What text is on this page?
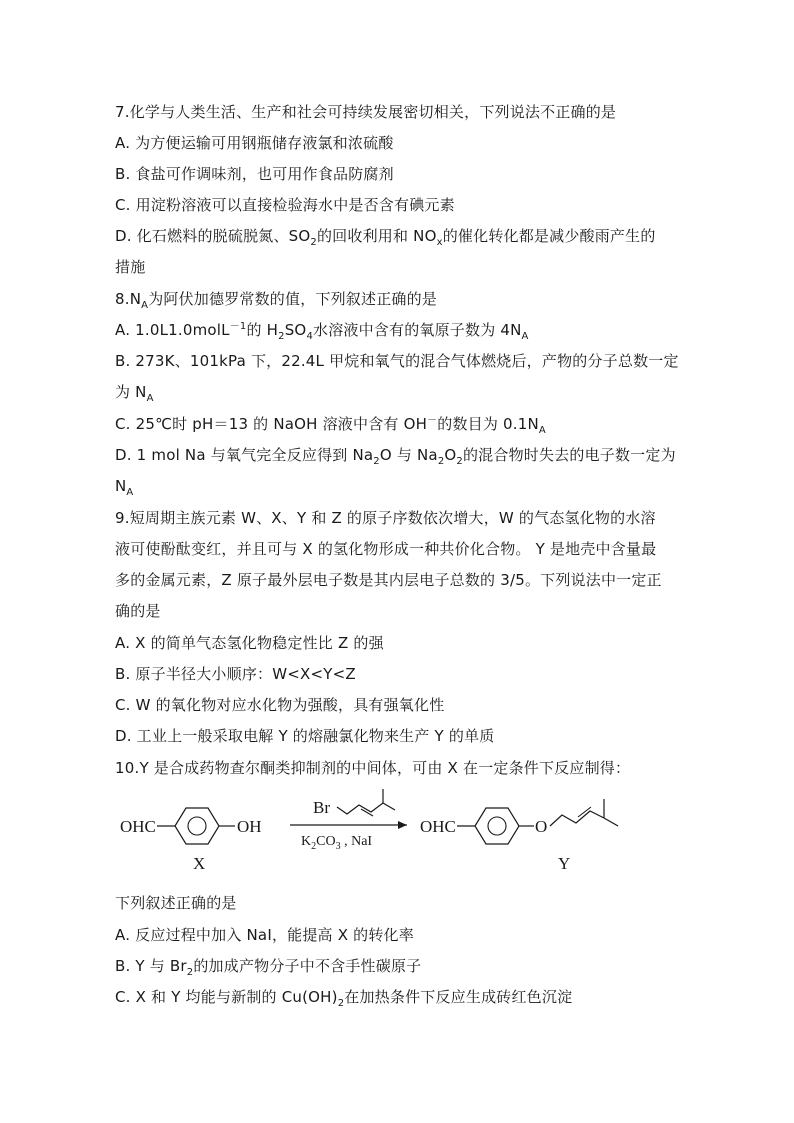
7.化学与人类生活、生产和社会可持续发展密切相关，下列说法不正确的是
A. 为方便运输可用钢瓶储存液氯和浓硫酸
B. 食盐可作调味剂，也可用作食品防腐剂
C. 用淀粉溶液可以直接检验海水中是否含有碘元素
D. 化石燃料的脱硫脱氮、$SO_2$的回收利用和 $NO_x$的催化转化都是减少酸雨产生的
措施
$8.N_A$为阿伏加德罗常数的值，下列叙述正确的是
A. 1.0L1.0molL$^{-1}$的 $H_2SO_4$水溶液中含有的氧原子数为 $4N_A$
B. 273K、101kPa 下，22.4L 甲烷和氧气的混合气体燃烧后，产物的分子总数一定
为 $N_A$
C. 25℃时 pH＝13 的 NaOH 溶液中含有 OH－的数目为 $0.1N_A$
D. 1 mol Na 与氧气完全反应得到 $Na_2O$ 与 $Na_2O_2$的混合物时失去的电子数一定为
$N_A$
9.短周期主族元素 W、X、Y 和 Z 的原子序数依次增大，W 的气态氢化物的水溶
液可使酚酞变红，并且可与 X 的氢化物形成一种共价化合物。 Y 是地壳中含量最
多的金属元素，Z 原子最外层电子数是其内层电子总数的 3/5。下列说法中一定正
确的是
A. X 的简单气态氢化物稳定性比 Z 的强
B. 原子半径大小顺序：W<X<Y<Z
C. W 的氧化物对应水化物为强酸，具有强氧化性
D. 工业上一般采取电解 Y 的熔融氯化物来生产 Y 的单质
10.Y 是合成药物查尔酮类抑制剂的中间体，可由 X 在一定条件下反应制得：
OHC	OH
X
Br
$K_2CO_3$ , NaI
OHC	O
Y
下列叙述正确的是
A. 反应过程中加入 NaI，能提高 X 的转化率
B. Y 与 $Br_2$的加成产物分子中不含手性碳原子
C. X 和 Y 均能与新制的 $Cu(OH)_2$在加热条件下反应生成砖红色沉淀
